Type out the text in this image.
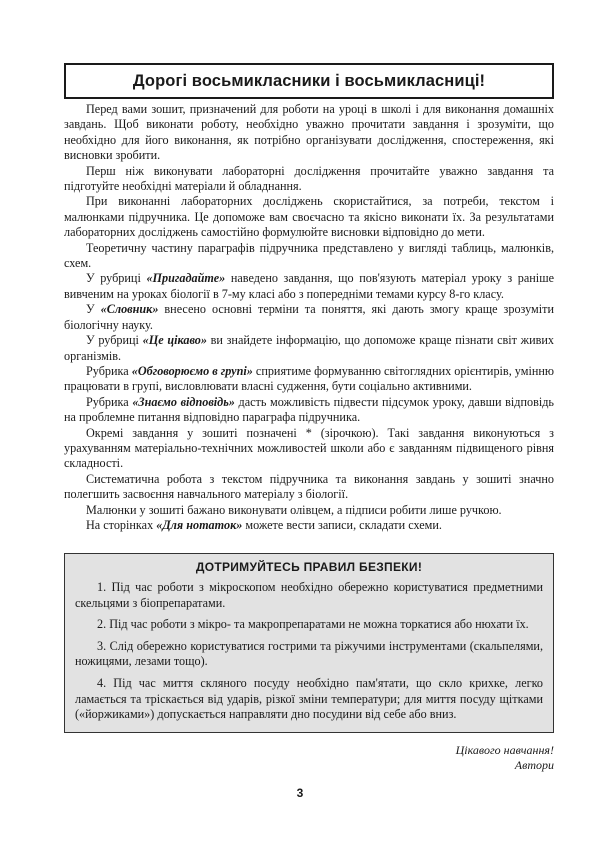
Дорогі восьмикласники і восьмикласниці!

Перед вами зошит, призначений для роботи на уроці в школі і для виконання домашніх завдань. Щоб виконати роботу, необхідно уважно прочитати завдання і зрозуміти, що необхідно для його виконання, як потрібно організувати дослідження, спостереження, які висновки зробити.

Перш ніж виконувати лабораторні дослідження прочитайте уважно завдання та підготуйте необхідні матеріали й обладнання.

При виконанні лабораторних досліджень скористайтися, за потреби, текстом і малюнками підручника. Це допоможе вам своєчасно та якісно виконати їх. За результатами лабораторних досліджень самостійно формулюйте висновки відповідно до мети.

Теоретичну частину параграфів підручника представлено у вигляді таблиць, малюнків, схем.

У рубриці «Пригадайте» наведено завдання, що пов'язують матеріал уроку з раніше вивченим на уроках біології в 7-му класі або з попередніми темами курсу 8-го класу.

У «Словник» внесено основні терміни та поняття, які дають змогу краще зрозуміти біологічну науку.

У рубриці «Це цікаво» ви знайдете інформацію, що допоможе краще пізнати світ живих організмів.

Рубрика «Обговорюємо в групі» сприятиме формуванню світоглядних орієнтирів, умінню працювати в групі, висловлювати власні судження, бути соціально активними.

Рубрика «Знаємо відповідь» дасть можливість підвести підсумок уроку, давши відповідь на проблемне питання відповідно параграфа підручника.

Окремі завдання у зошиті позначені * (зірочкою). Такі завдання виконуються з урахуванням матеріально-технічних можливостей школи або є завданням підвищеного рівня складності.

Систематична робота з текстом підручника та виконання завдань у зошиті значно полегшить засвоєння навчального матеріалу з біології.

Малюнки у зошиті бажано виконувати олівцем, а підписи робити лише ручкою.

На сторінках «Для нотаток» можете вести записи, складати схеми.

ДОТРИМУЙТЕСЬ ПРАВИЛ БЕЗПЕКИ!

1. Під час роботи з мікроскопом необхідно обережно користуватися предметними скельцями з біопрепаратами.

2. Під час роботи з мікро- та макропрепаратами не можна торкатися або нюхати їх.

3. Слід обережно користуватися гострими та ріжучими інструментами (скальпелями, ножицями, лезами тощо).

4. Під час миття скляного посуду необхідно пам'ятати, що скло крихке, легко ламається та тріскається від ударів, різкої зміни температури; для миття посуду щітками («йоржиками») допускається направляти дно посудини від себе або вниз.

Цікавого навчання!
Автори
3
